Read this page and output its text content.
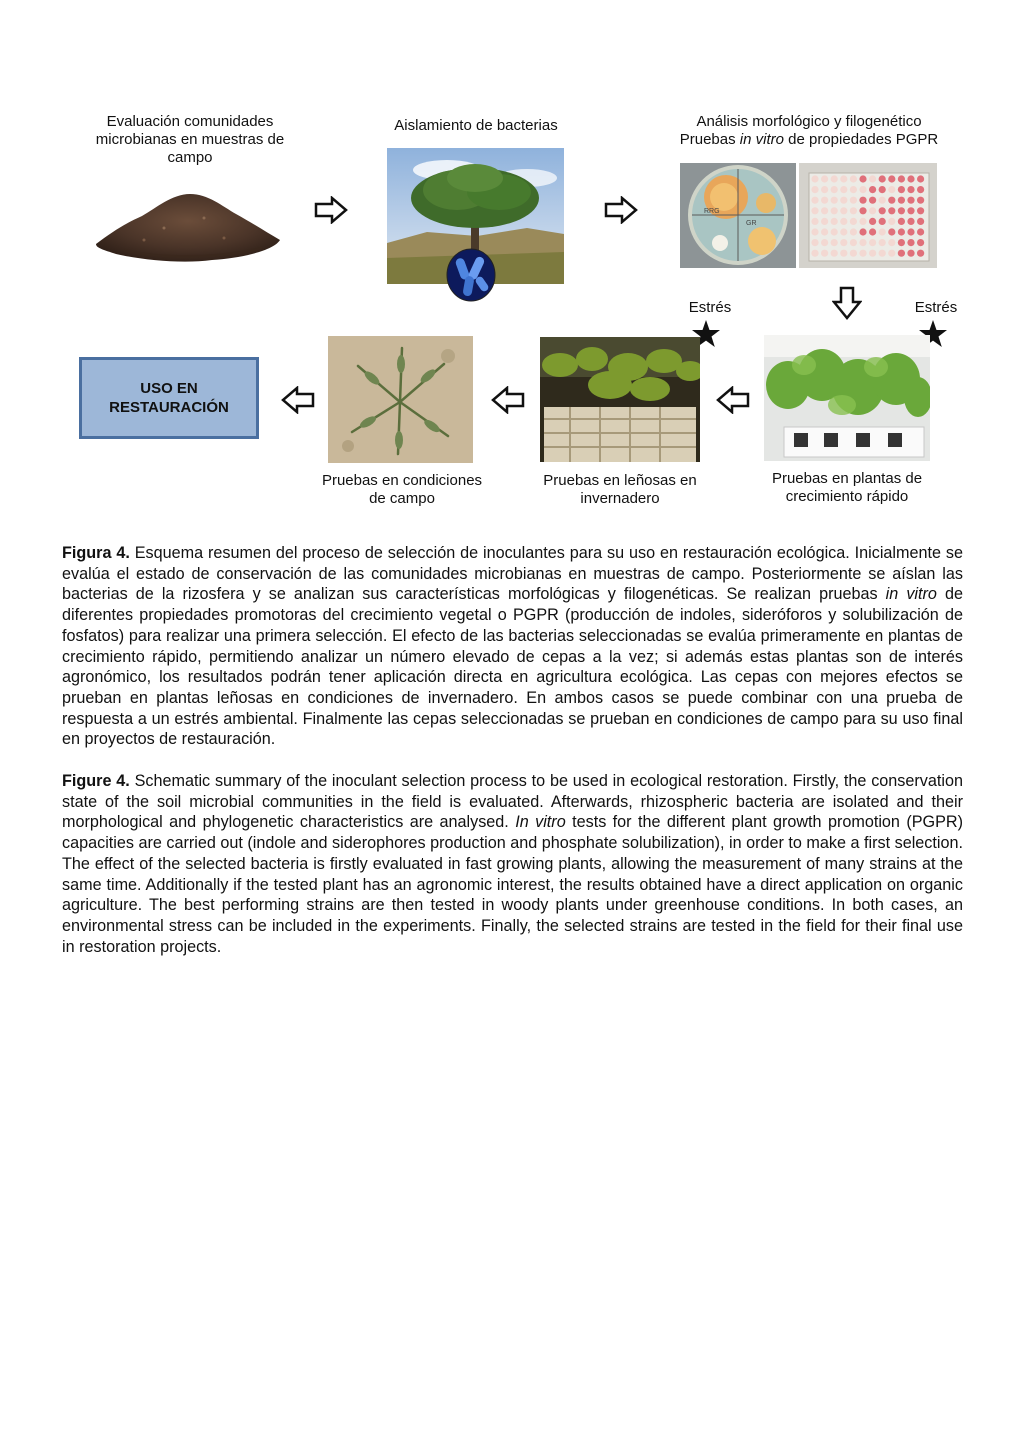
Evaluación comunidades microbianas en muestras de campo
Aislamiento de bacterias	Análisis morfológico y filogenético
Pruebas in vitro de propiedades PGPR
RRG
GR
Estrés	Estrés
USO EN RESTAURACIÓN
Pruebas en condiciones de campo
Pruebas en leñosas en invernadero
Pruebas en plantas de crecimiento rápido
Figura 4. Esquema resumen del proceso de selección de inoculantes para su uso en restauración ecológica. Inicialmente se evalúa el estado de conservación de las comunidades microbianas en muestras de campo. Posteriormente se aíslan las bacterias de la rizosfera y se analizan sus características morfológicas y filogenéticas. Se realizan pruebas in vitro de diferentes propiedades promotoras del crecimiento vegetal o PGPR (producción de indoles, sideróforos y solubilización de fosfatos) para realizar una primera selección. El efecto de las bacterias seleccionadas se evalúa primeramente en plantas de crecimiento rápido, permitiendo analizar un número elevado de cepas a la vez; si además estas plantas son de interés agronómico, los resultados podrán tener aplicación directa en agricultura ecológica. Las cepas con mejores efectos se prueban en plantas leñosas en condiciones de invernadero. En ambos casos se puede combinar con una prueba de respuesta a un estrés ambiental. Finalmente las cepas seleccionadas se prueban en condiciones de campo para su uso final en proyectos de restauración.
Figure 4. Schematic summary of the inoculant selection process to be used in ecological restoration. Firstly, the conservation state of the soil microbial communities in the field is evaluated. Afterwards, rhizospheric bacteria are isolated and their morphological and phylogenetic characteristics are analysed. In vitro tests for the different plant growth promotion (PGPR) capacities are carried out (indole and siderophores production and phosphate solubilization), in order to make a first selection. The effect of the selected bacteria is firstly evaluated in fast growing plants, allowing the measurement of many strains at the same time. Additionally if the tested plant has an agronomic interest, the results obtained have a direct application on organic agriculture. The best performing strains are then tested in woody plants under greenhouse conditions. In both cases, an environmental stress can be included in the experiments. Finally, the selected strains are tested in the field for their final use in restoration projects.
